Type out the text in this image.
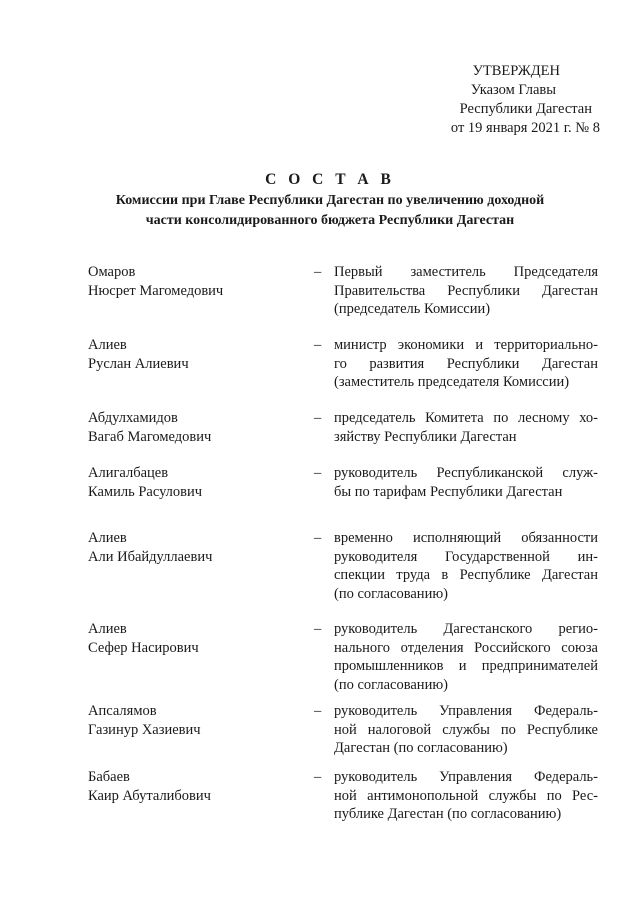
УТВЕРЖДЕН
Указом Главы
Республики Дагестан
от 19 января 2021 г. № 8
С О С Т А В
Комиссии при Главе Республики Дагестан по увеличению доходной
части консолидированного бюджета Республики Дагестан
Омаров
Нюсрет Магомедович
– Первый заместитель Председателя
Правительства Республики Дагестан
(председатель Комиссии)
Алиев
Руслан Алиевич
– министр экономики и территориально-
го развития Республики Дагестан
(заместитель председателя Комиссии)
Абдулхамидов
Вагаб Магомедович
– председатель Комитета по лесному хо-
зяйству Республики Дагестан
Алигалбацев
Камиль Расулович
– руководитель Республиканской служ-
бы по тарифам Республики Дагестан
Алиев
Али Ибайдуллаевич
– временно исполняющий обязанности
руководителя Государственной ин-
спекции труда в Республике Дагестан
(по согласованию)
Алиев
Сефер Насирович
– руководитель Дагестанского регио-
нального отделения Российского союза
промышленников и предпринимателей
(по согласованию)
Апсалямов
Газинур Хазиевич
– руководитель Управления Федераль-
ной налоговой службы по Республике
Дагестан (по согласованию)
Бабаев
Каир Абуталибович
– руководитель Управления Федераль-
ной антимонопольной службы по Рес-
публике Дагестан (по согласованию)
